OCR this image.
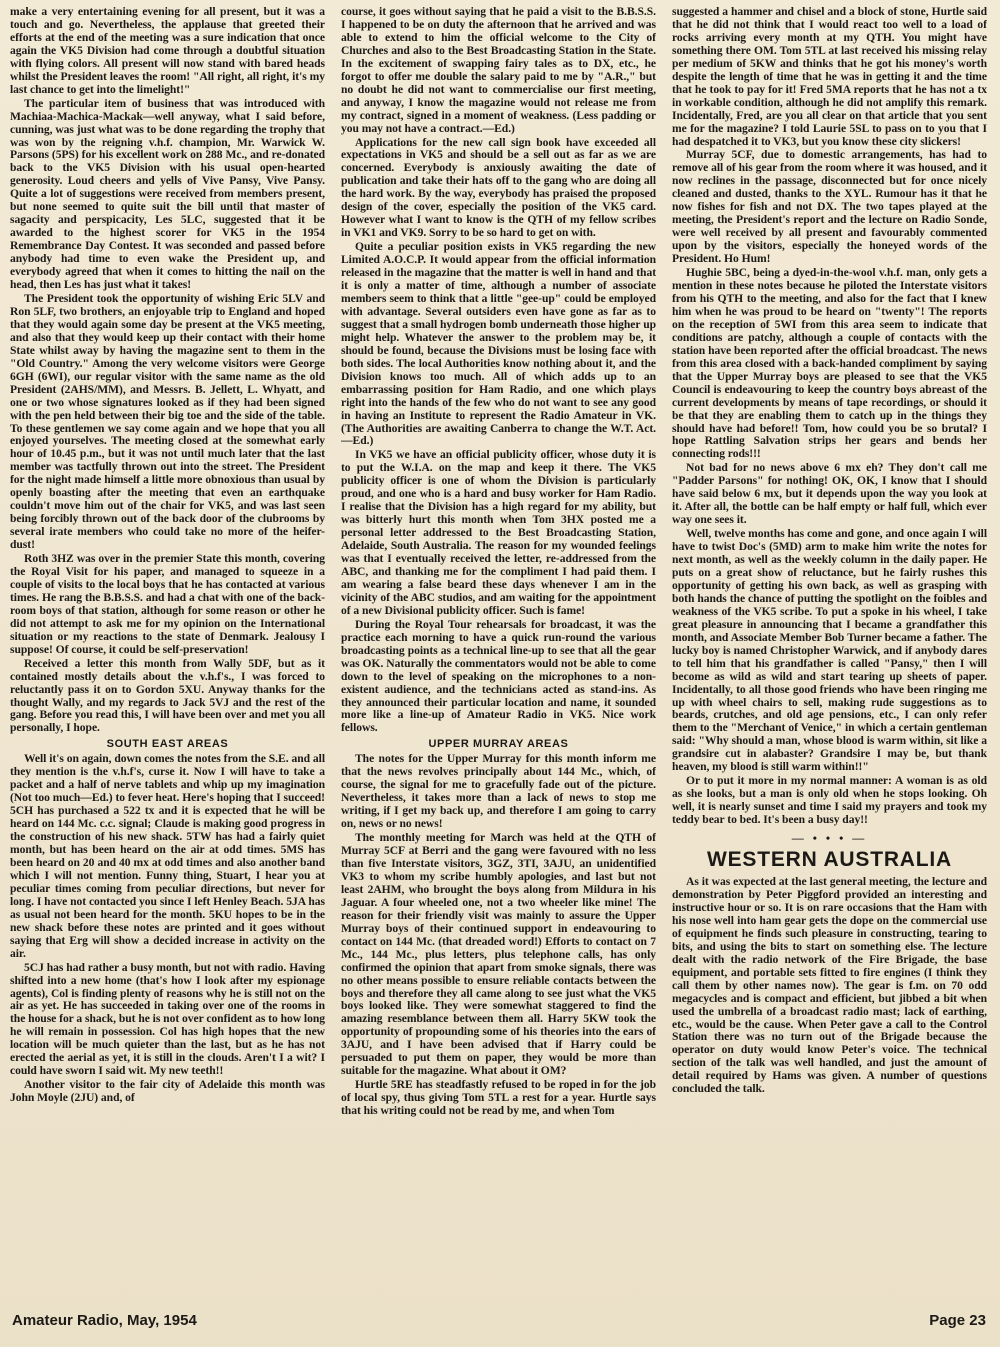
make a very entertaining evening for all present, but it was a touch and go. Nevertheless, the applause that greeted their efforts at the end of the meeting was a sure indication that once again the VK5 Division had come through a doubtful situation with flying colors. All present will now stand with bared heads whilst the President leaves the room! "All right, all right, it's my last chance to get into the limelight!"

The particular item of business that was introduced with Machiaa-Machica-Mackak—well anyway, what I said before, cunning, was just what was to be done regarding the trophy that was won by the reigning v.h.f. champion, Mr. Warwick W. Parsons (5PS) for his excellent work on 288 Mc., and re-donated back to the VK5 Division with his usual open-hearted generosity. Loud cheers and yells of Vive Pansy, Vive Pansy. Quite a lot of suggestions were received from members present, but none seemed to quite suit the bill until that master of sagacity and perspicacity, Les 5LC, suggested that it be awarded to the highest scorer for VK5 in the 1954 Remembrance Day Contest. It was seconded and passed before anybody had time to even wake the President up, and everybody agreed that when it comes to hitting the nail on the head, then Les has just what it takes!

The President took the opportunity of wishing Eric 5LV and Ron 5LF, two brothers, an enjoyable trip to England and hoped that they would again some day be present at the VK5 meeting, and also that they would keep up their contact with their home State whilst away by having the magazine sent to them in the "Old Country." Among the very welcome visitors were George 6GH (6WI), our regular visitor with the same name as the old President (2AHS/MM), and Messrs. B. Jellett, L. Whyatt, and one or two whose signatures looked as if they had been signed with the pen held between their big toe and the side of the table. To these gentlemen we say come again and we hope that you all enjoyed yourselves. The meeting closed at the somewhat early hour of 10.45 p.m., but it was not until much later that the last member was tactfully thrown out into the street. The President for the night made himself a little more obnoxious than usual by openly boasting after the meeting that even an earthquake couldn't move him out of the chair for VK5, and was last seen being forcibly thrown out of the back door of the clubrooms by several irate members who could take no more of the heifer-dust!

Roth 3HZ was over in the premier State this month, covering the Royal Visit for his paper, and managed to squeeze in a couple of visits to the local boys that he has contacted at various times. He rang the B.B.S.S. and had a chat with one of the back-room boys of that station, although for some reason or other he did not attempt to ask me for my opinion on the International situation or my reactions to the state of Denmark. Jealousy I suppose! Of course, it could be self-preservation!

Received a letter this month from Wally 5DF, but as it contained mostly details about the v.h.f's., I was forced to reluctantly pass it on to Gordon 5XU. Anyway thanks for the thought Wally, and my regards to Jack 5VJ and the rest of the gang. Before you read this, I will have been over and met you all personally, I hope.

SOUTH EAST AREAS

Well it's on again, down comes the notes from the S.E. and all they mention is the v.h.f's, curse it. Now I will have to take a packet and a half of nerve tablets and whip up my imagination (Not too much—Ed.) to fever heat. Here's hoping that I succeed! 5CH has purchased a 522 tx and it is expected that he will be heard on 144 Mc. c.c. signal; Claude is making good progress in the construction of his new shack. 5TW has had a fairly quiet month, but has been heard on the air at odd times. 5MS has been heard on 20 and 40 mx at odd times and also another band which I will not mention. Funny thing, Stuart, I hear you at peculiar times coming from peculiar directions, but never for long. I have not contacted you since I left Henley Beach. 5JA has as usual not been heard for the month. 5KU hopes to be in the new shack before these notes are printed and it goes without saying that Erg will show a decided increase in activity on the air.

5CJ has had rather a busy month, but not with radio. Having shifted into a new home (that's how I look after my espionage agents), Col is finding plenty of reasons why he is still not on the air as yet. He has succeeded in taking over one of the rooms in the house for a shack, but he is not over confident as to how long he will remain in possession. Col has high hopes that the new location will be much quieter than the last, but as he has not erected the aerial as yet, it is still in the clouds. Aren't I a wit? I could have sworn I said wit. My new teeth!!

Another visitor to the fair city of Adelaide this month was John Moyle (2JU) and, of

course, it goes without saying that he paid a visit to the B.B.S.S. I happened to be on duty the afternoon that he arrived and was able to extend to him the official welcome to the City of Churches and also to the Best Broadcasting Station in the State. In the excitement of swapping fairy tales as to DX, etc., he forgot to offer me double the salary paid to me by "A.R.," but no doubt he did not want to commercialise our first meeting, and anyway, I know the magazine would not release me from my contract, signed in a moment of weakness. (Less padding or you may not have a contract.—Ed.)

Applications for the new call sign book have exceeded all expectations in VK5 and should be a sell out as far as we are concerned. Everybody is anxiously awaiting the date of publication and take their hats off to the gang who are doing all the hard work. By the way, everybody has praised the proposed design of the cover, especially the position of the VK5 card. However what I want to know is the QTH of my fellow scribes in VK1 and VK9. Sorry to be so hard to get on with.

Quite a peculiar position exists in VK5 regarding the new Limited A.O.C.P. It would appear from the official information released in the magazine that the matter is well in hand and that it is only a matter of time, although a number of associate members seem to think that a little "gee-up" could be employed with advantage. Several outsiders even have gone as far as to suggest that a small hydrogen bomb underneath those higher up might help. Whatever the answer to the problem may be, it should be found, because the Divisions must be losing face with both sides. The local Authorities know nothing about it, and the Division knows too much. All of which adds up to an embarrassing position for Ham Radio, and one which plays right into the hands of the few who do not want to see any good in having an Institute to represent the Radio Amateur in VK. (The Authorities are awaiting Canberra to change the W.T. Act.—Ed.)

In VK5 we have an official publicity officer, whose duty it is to put the W.I.A. on the map and keep it there. The VK5 publicity officer is one of whom the Division is particularly proud, and one who is a hard and busy worker for Ham Radio. I realise that the Division has a high regard for my ability, but was bitterly hurt this month when Tom 3HX posted me a personal letter addressed to the Best Broadcasting Station, Adelaide, South Australia. The reason for my wounded feelings was that I eventually received the letter, re-addressed from the ABC, and thanking me for the compliment I had paid them. I am wearing a false beard these days whenever I am in the vicinity of the ABC studios, and am waiting for the appointment of a new Divisional publicity officer. Such is fame!

During the Royal Tour rehearsals for broadcast, it was the practice each morning to have a quick run-round the various broadcasting points as a technical line-up to see that all the gear was OK. Naturally the commentators would not be able to come down to the level of speaking on the microphones to a non-existent audience, and the technicians acted as stand-ins. As they announced their particular location and name, it sounded more like a line-up of Amateur Radio in VK5. Nice work fellows.

UPPER MURRAY AREAS

The notes for the Upper Murray for this month inform me that the news revolves principally about 144 Mc., which, of course, the signal for me to gracefully fade out of the picture. Nevertheless, it takes more than a lack of news to stop me writing, if I get my back up, and therefore I am going to carry on, news or no news!

The monthly meeting for March was held at the QTH of Murray 5CF at Berri and the gang were favoured with no less than five Interstate visitors, 3GZ, 3TI, 3AJU, an unidentified VK3 to whom my scribe humbly apologies, and last but not least 2AHM, who brought the boys along from Mildura in his Jaguar. A four wheeled one, not a two wheeler like mine! The reason for their friendly visit was mainly to assure the Upper Murray boys of their continued support in endeavouring to contact on 144 Mc. (that dreaded word!) Efforts to contact on 7 Mc., 144 Mc., plus letters, plus telephone calls, has only confirmed the opinion that apart from smoke signals, there was no other means possible to ensure reliable contacts between the boys and therefore they all came along to see just what the VK5 boys looked like. They were somewhat staggered to find the amazing resemblance between them all. Harry 5KW took the opportunity of propounding some of his theories into the ears of 3AJU, and I have been advised that if Harry could be persuaded to put them on paper, they would be more than suitable for the magazine. What about it OM?

Hurtle 5RE has steadfastly refused to be roped in for the job of local spy, thus giving Tom 5TL a rest for a year. Hurtle says that his writing could not be read by me, and when Tom

suggested a hammer and chisel and a block of stone, Hurtle said that he did not think that I would react too well to a load of rocks arriving every month at my QTH. You might have something there OM. Tom 5TL at last received his missing relay per medium of 5KW and thinks that he got his money's worth despite the length of time that he was in getting it and the time that he took to pay for it! Fred 5MA reports that he has not a tx in workable condition, although he did not amplify this remark. Incidentally, Fred, are you all clear on that article that you sent me for the magazine? I told Laurie 5SL to pass on to you that I had despatched it to VK3, but you know these city slickers!

Murray 5CF, due to domestic arrangements, has had to remove all of his gear from the room where it was housed, and it now reclines in the passage, disconnected but for once nicely cleaned and dusted, thanks to the XYL. Rumour has it that he now fishes for fish and not DX. The two tapes played at the meeting, the President's report and the lecture on Radio Sonde, were well received by all present and favourably commented upon by the visitors, especially the honeyed words of the President. Ho Hum!

Hughie 5BC, being a dyed-in-the-wool v.h.f. man, only gets a mention in these notes because he piloted the Interstate visitors from his QTH to the meeting, and also for the fact that I knew him when he was proud to be heard on "twenty"! The reports on the reception of 5WI from this area seem to indicate that conditions are patchy, although a couple of contacts with the station have been reported after the official broadcast. The news from this area closed with a back-handed compliment by saying that the Upper Murray boys are pleased to see that the VK5 Council is endeavouring to keep the country boys abreast of the current developments by means of tape recordings, or should it be that they are enabling them to catch up in the things they should have had before!! Tom, how could you be so brutal? I hope Rattling Salvation strips her gears and bends her connecting rods!!!

Not bad for no news above 6 mx eh? They don't call me "Padder Parsons" for nothing! OK, OK, I know that I should have said below 6 mx, but it depends upon the way you look at it. After all, the bottle can be half empty or half full, which ever way one sees it.

Well, twelve months has come and gone, and once again I will have to twist Doc's (5MD) arm to make him write the notes for next month, as well as the weekly column in the daily paper. He puts on a great show of reluctance, but he fairly rushes this opportunity of getting his own back, as well as grasping with both hands the chance of putting the spotlight on the foibles and weakness of the VK5 scribe. To put a spoke in his wheel, I take great pleasure in announcing that I became a grandfather this month, and Associate Member Bob Turner became a father. The lucky boy is named Christopher Warwick, and if anybody dares to tell him that his grandfather is called "Pansy," then I will become as wild as wild and start tearing up sheets of paper. Incidentally, to all those good friends who have been ringing me up with wheel chairs to sell, making rude suggestions as to beards, crutches, and old age pensions, etc., I can only refer them to the "Merchant of Venice," in which a certain gentleman said: "Why should a man, whose blood is warm within, sit like a grandsire cut in alabaster? Grandsire I may be, but thank heaven, my blood is still warm within!!"

Or to put it more in my normal manner: A woman is as old as she looks, but a man is only old when he stops looking. Oh well, it is nearly sunset and time I said my prayers and took my teddy bear to bed. It's been a busy day!!

— • • • —
WESTERN AUSTRALIA

As it was expected at the last general meeting, the lecture and demonstration by Peter Piggford provided an interesting and instructive hour or so. It is on rare occasions that the Ham with his nose well into ham gear gets the dope on the commercial use of equipment he finds such pleasure in constructing, tearing to bits, and using the bits to start on something else. The lecture dealt with the radio network of the Fire Brigade, the base equipment, and portable sets fitted to fire engines (I think they call them by other names now). The gear is f.m. on 70 odd megacycles and is compact and efficient, but jibbed a bit when used the umbrella of a broadcast radio mast; lack of earthing, etc., would be the cause. When Peter gave a call to the Control Station there was no turn out of the Brigade because the operator on duty would know Peter's voice. The technical section of the talk was well handled, and just the amount of detail required by Hams was given. A number of questions concluded the talk.

Amateur Radio, May, 1954	Page 23
